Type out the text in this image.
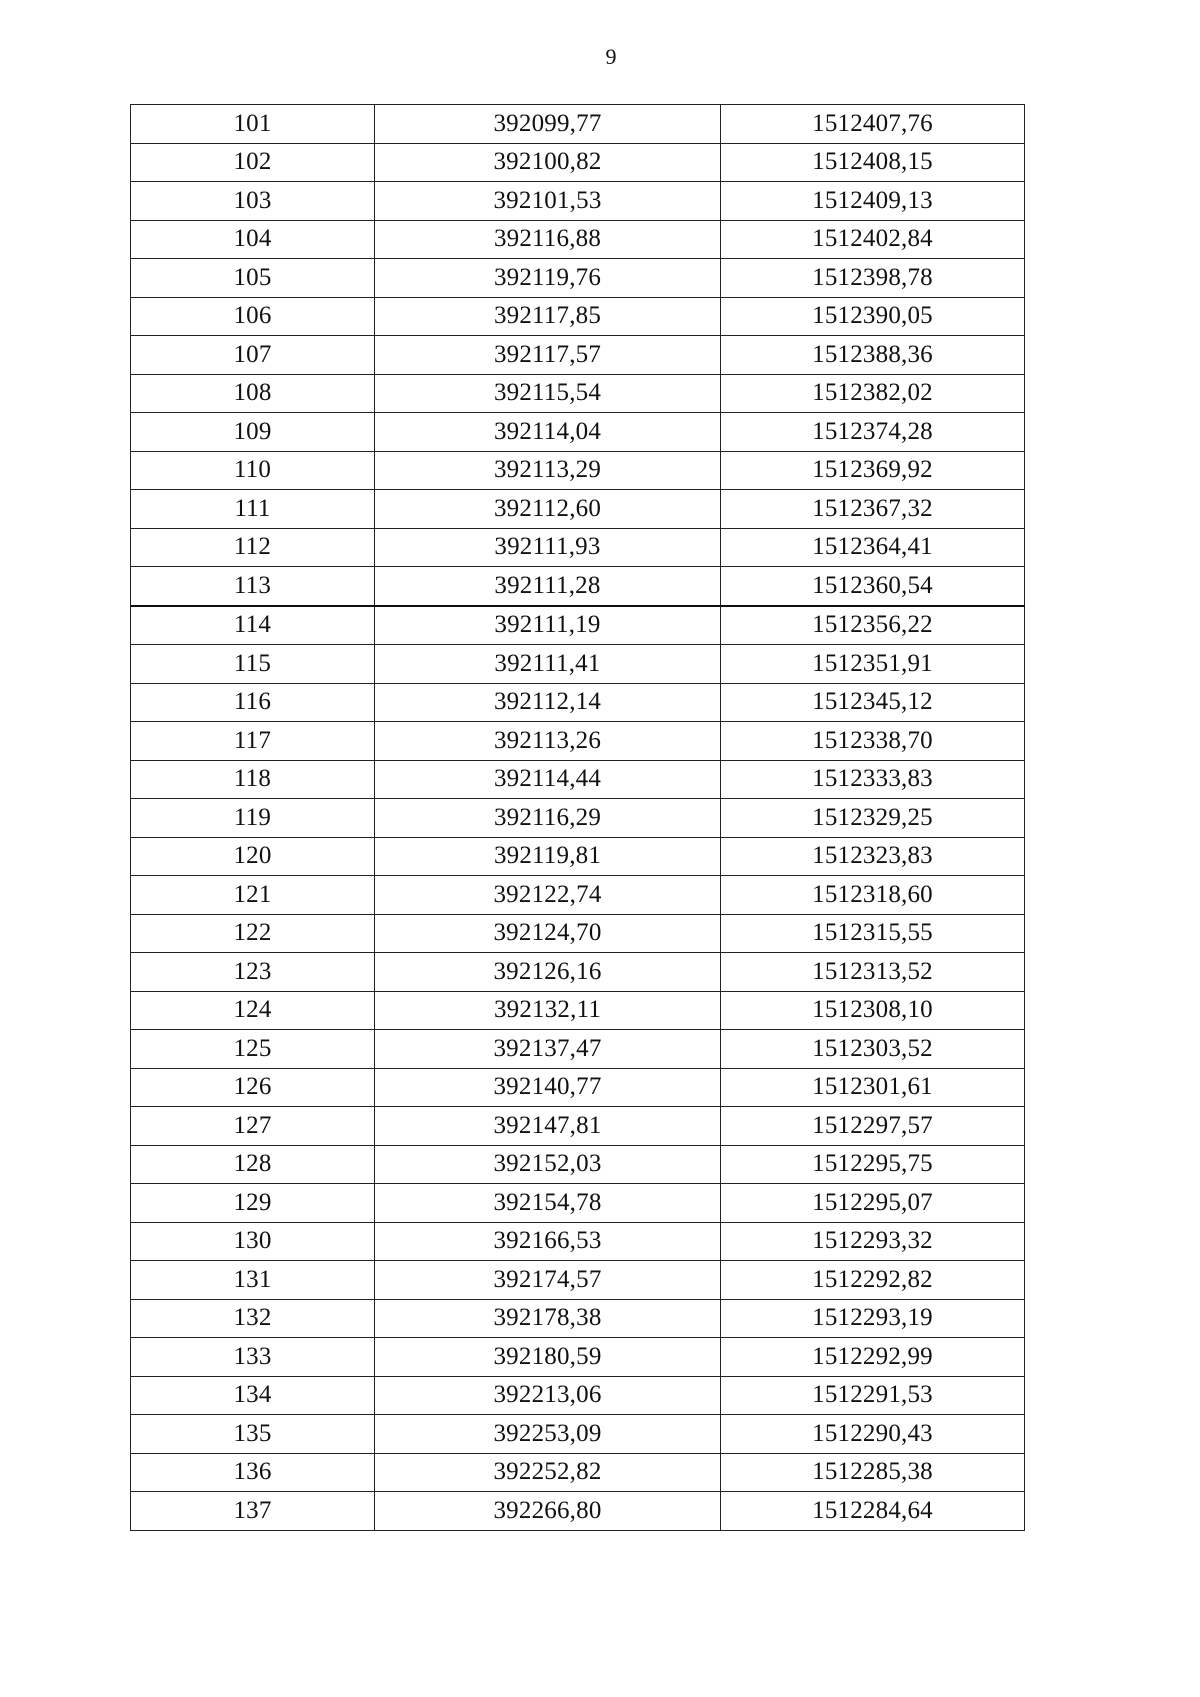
9
101	392099,77	1512407,76
102	392100,82	1512408,15
103	392101,53	1512409,13
104	392116,88	1512402,84
105	392119,76	1512398,78
106	392117,85	1512390,05
107	392117,57	1512388,36
108	392115,54	1512382,02
109	392114,04	1512374,28
110	392113,29	1512369,92
111	392112,60	1512367,32
112	392111,93	1512364,41
113	392111,28	1512360,54
114	392111,19	1512356,22
115	392111,41	1512351,91
116	392112,14	1512345,12
117	392113,26	1512338,70
118	392114,44	1512333,83
119	392116,29	1512329,25
120	392119,81	1512323,83
121	392122,74	1512318,60
122	392124,70	1512315,55
123	392126,16	1512313,52
124	392132,11	1512308,10
125	392137,47	1512303,52
126	392140,77	1512301,61
127	392147,81	1512297,57
128	392152,03	1512295,75
129	392154,78	1512295,07
130	392166,53	1512293,32
131	392174,57	1512292,82
132	392178,38	1512293,19
133	392180,59	1512292,99
134	392213,06	1512291,53
135	392253,09	1512290,43
136	392252,82	1512285,38
137	392266,80	1512284,64
